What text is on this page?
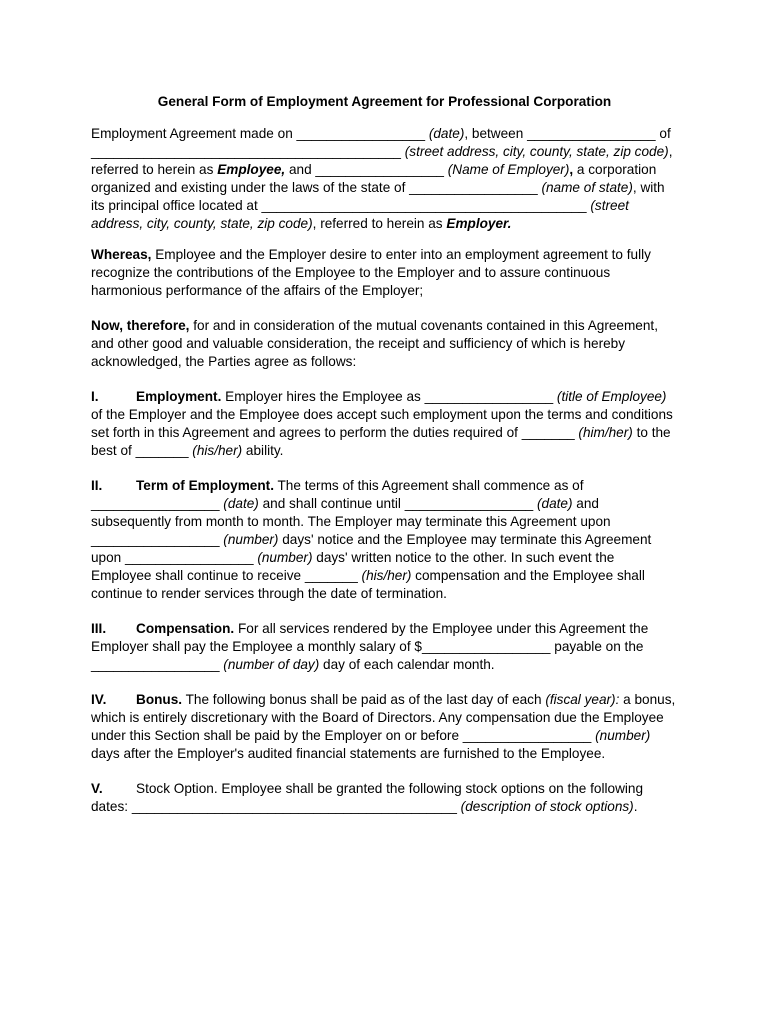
General Form of Employment Agreement for Professional Corporation

Employment Agreement made on _________________ (date), between _________________ of _________________________________________ (street address, city, county, state, zip code), referred to herein as Employee, and _________________ (Name of Employer), a corporation organized and existing under the laws of the state of _________________ (name of state), with its principal office located at ___________________________________________ (street address, city, county, state, zip code), referred to herein as Employer.

Whereas, Employee and the Employer desire to enter into an employment agreement to fully recognize the contributions of the Employee to the Employer and to assure continuous harmonious performance of the affairs of the Employer;

Now, therefore, for and in consideration of the mutual covenants contained in this Agreement, and other good and valuable consideration, the receipt and sufficiency of which is hereby acknowledged, the Parties agree as follows:

I.	Employment. Employer hires the Employee as _________________ (title of Employee) of the Employer and the Employee does accept such employment upon the terms and conditions set forth in this Agreement and agrees to perform the duties required of _______ (him/her) to the best of _______ (his/her) ability.

II. Term of Employment. The terms of this Agreement shall commence as of _________________ (date) and shall continue until _________________ (date) and subsequently from month to month. The Employer may terminate this Agreement upon _________________ (number) days' notice and the Employee may terminate this Agreement upon _________________ (number) days' written notice to the other. In such event the Employee shall continue to receive _______ (his/her) compensation and the Employee shall continue to render services through the date of termination.

III. Compensation. For all services rendered by the Employee under this Agreement the Employer shall pay the Employee a monthly salary of $_________________ payable on the _________________ (number of day) day of each calendar month.

IV. Bonus. The following bonus shall be paid as of the last day of each (fiscal year): a bonus, which is entirely discretionary with the Board of Directors. Any compensation due the Employee under this Section shall be paid by the Employer on or before _________________ (number) days after the Employer's audited financial statements are furnished to the Employee.

V. Stock Option. Employee shall be granted the following stock options on the following dates: ___________________________________________ (description of stock options).
